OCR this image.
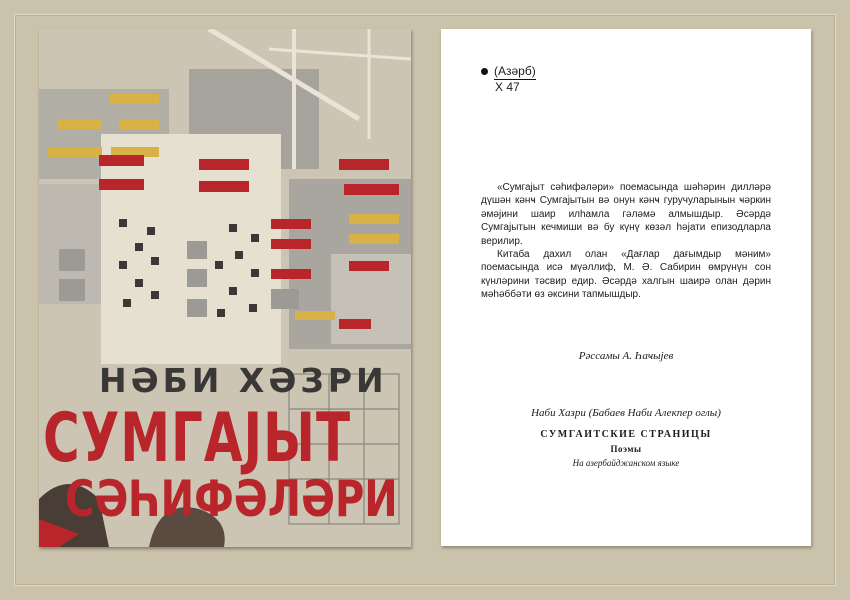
НƏБИ ХƏЗРИ
СУМГАЈЫТ
СƏҺИФƏЛƏРИ
(Азәрб)
Х 47

«Сумгајыт сәһифәләри» поемасында шәһәрин дилләрә дүшән кәнҹ Сумгајытын вә онун кәнҹ гуручуларынын ҹәркин әмәјини шаир илһамла гәләмә алмышдыр. Әсәрдә Сумгајытын кечмиши вә бу күнү көзәл һәјати епизодларла верилир.

Китаба дахил олан «Дағлар дағымдыр мәним» поемасында исә мүәллиф, М. Ә. Сабирин өмрүнүн сон күнләрини тәсвир едир. Әсәрдә халгын шаирә олан дәрин мәһәббәти өз әксини тапмышдыр.

Рәссамы А. Һаҹыјев
Наби Хазри (Бабаев Наби Алекпер оглы)
СУМГАИТСКИЕ СТРАНИЦЫ
Поэмы
На азербайджанском языке
